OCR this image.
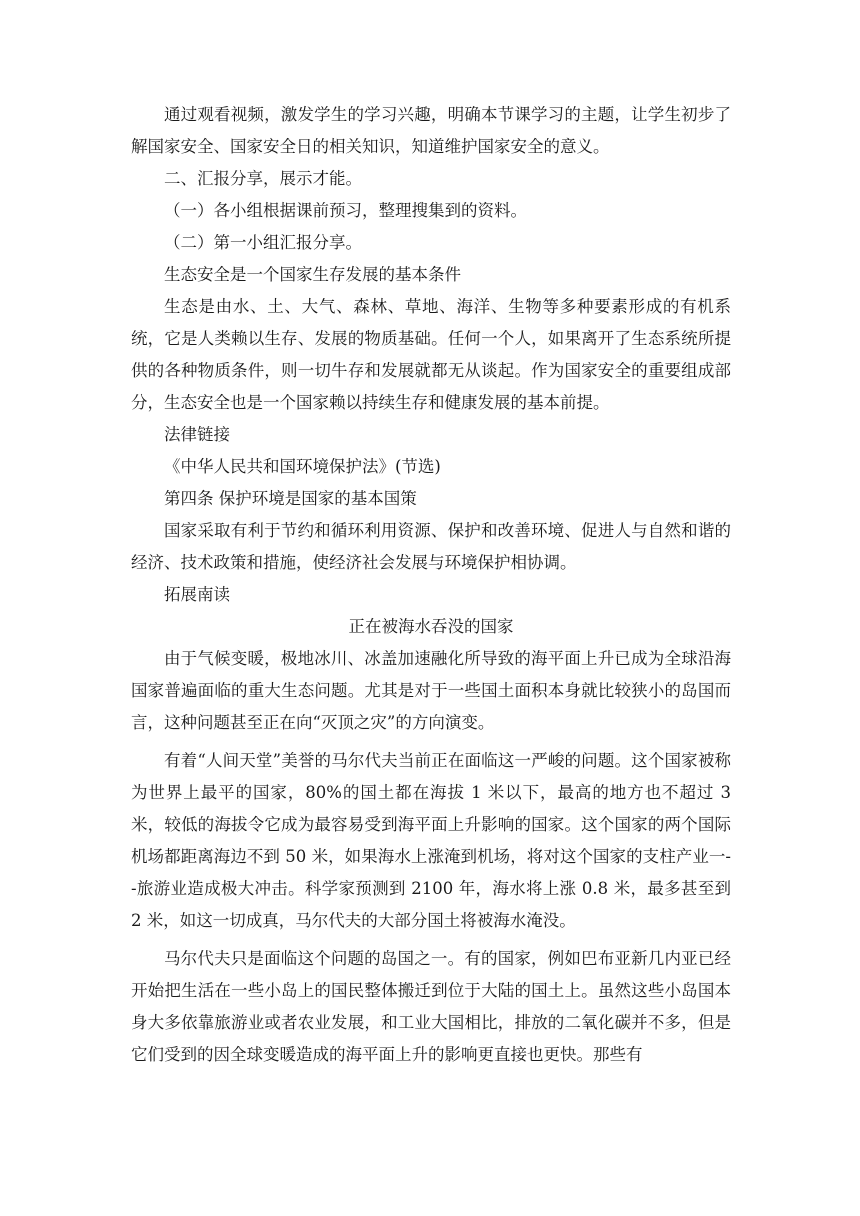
通过观看视频，激发学生的学习兴趣，明确本节课学习的主题，让学生初步了解国家安全、国家安全日的相关知识，知道维护国家安全的意义。

二、汇报分享，展示才能。

（一）各小组根据课前预习，整理搜集到的资料。

（二）第一小组汇报分享。

生态安全是一个国家生存发展的基本条件

生态是由水、土、大气、森林、草地、海洋、生物等多种要素形成的有机系统，它是人类赖以生存、发展的物质基础。任何一个人，如果离开了生态系统所提供的各种物质条件，则一切牛存和发展就都无从谈起。作为国家安全的重要组成部分，生态安全也是一个国家赖以持续生存和健康发展的基本前提。

法律链接

《中华人民共和国环境保护法》(节选)

第四条 保护环境是国家的基本国策

国家采取有利于节约和循环利用资源、保护和改善环境、促进人与自然和谐的经济、技术政策和措施，使经济社会发展与环境保护相协调。

拓展南读

正在被海水吞没的国家

由于气候变暖，极地冰川、冰盖加速融化所导致的海平面上升已成为全球沿海国家普遍面临的重大生态问题。尤其是对于一些国土面积本身就比较狭小的岛国而言，这种问题甚至正在向“灭顶之灾”的方向演变。

有着“人间天堂”美誉的马尔代夫当前正在面临这一严峻的问题。这个国家被称为世界上最平的国家，80%的国土都在海拔 1 米以下，最高的地方也不超过 3 米，较低的海拔令它成为最容易受到海平面上升影响的国家。这个国家的两个国际机场都距离海边不到 50 米，如果海水上涨淹到机场，将对这个国家的支柱产业一--旅游业造成极大冲击。科学家预测到 2100 年，海水将上涨 0.8 米，最多甚至到 2 米，如这一切成真，马尔代夫的大部分国土将被海水淹没。

马尔代夫只是面临这个问题的岛国之一。有的国家，例如巴布亚新几内亚已经开始把生活在一些小岛上的国民整体搬迁到位于大陆的国土上。虽然这些小岛国本身大多依靠旅游业或者农业发展，和工业大国相比，排放的二氧化碳并不多，但是它们受到的因全球变暖造成的海平面上升的影响更直接也更快。那些有
